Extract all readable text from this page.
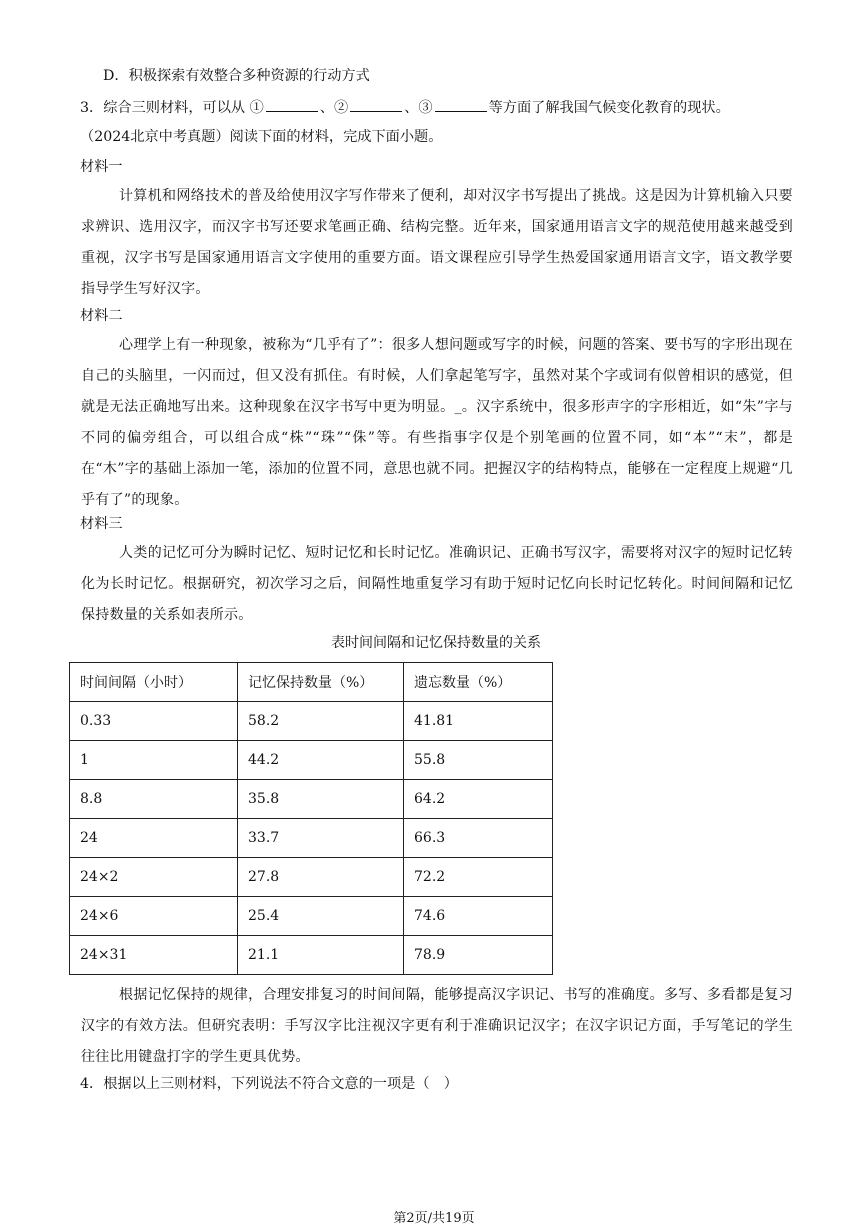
D．积极探索有效整合多种资源的行动方式
3．综合三则材料，可以从 ①	、②	、③	等方面了解我国气候变化教育的现状。
（2024北京中考真题）阅读下面的材料，完成下面小题。
材料一
计算机和网络技术的普及给使用汉字写作带来了便利，却对汉字书写提出了挑战。这是因为计算机输入只要求辨识、选用汉字，而汉字书写还要求笔画正确、结构完整。近年来，国家通用语言文字的规范使用越来越受到重视，汉字书写是国家通用语言文字使用的重要方面。语文课程应引导学生热爱国家通用语言文字，语文教学要指导学生写好汉字。
材料二
心理学上有一种现象，被称为“几乎有了”：很多人想问题或写字的时候，问题的答案、要书写的字形出现在自己的头脑里，一闪而过，但又没有抓住。有时候，人们拿起笔写字，虽然对某个字或词有似曾相识的感觉，但就是无法正确地写出来。这种现象在汉字书写中更为明显。_。汉字系统中，很多形声字的字形相近，如“朱”字与不同的偏旁组合，可以组合成“株”“珠”“侏”等。有些指事字仅是个别笔画的位置不同，如“本”“末”，都是在“木”字的基础上添加一笔，添加的位置不同，意思也就不同。把握汉字的结构特点，能够在一定程度上规避“几乎有了”的现象。
材料三
人类的记忆可分为瞬时记忆、短时记忆和长时记忆。准确识记、正确书写汉字，需要将对汉字的短时记忆转化为长时记忆。根据研究，初次学习之后，间隔性地重复学习有助于短时记忆向长时记忆转化。时间间隔和记忆保持数量的关系如表所示。
表时间间隔和记忆保持数量的关系
时间间隔（小时）	记忆保持数量（%）	遗忘数量（%）
0.33	58.2	41.81
1	44.2	55.8
8.8	35.8	64.2
24	33.7	66.3
24×2	27.8	72.2
24×6	25.4	74.6
24×31	21.1	78.9
根据记忆保持的规律，合理安排复习的时间间隔，能够提高汉字识记、书写的准确度。多写、多看都是复习汉字的有效方法。但研究表明：手写汉字比注视汉字更有利于准确识记汉字；在汉字识记方面，手写笔记的学生往往比用键盘打字的学生更具优势。
4．根据以上三则材料，下列说法不符合文意的一项是（　）
第2页/共19页
